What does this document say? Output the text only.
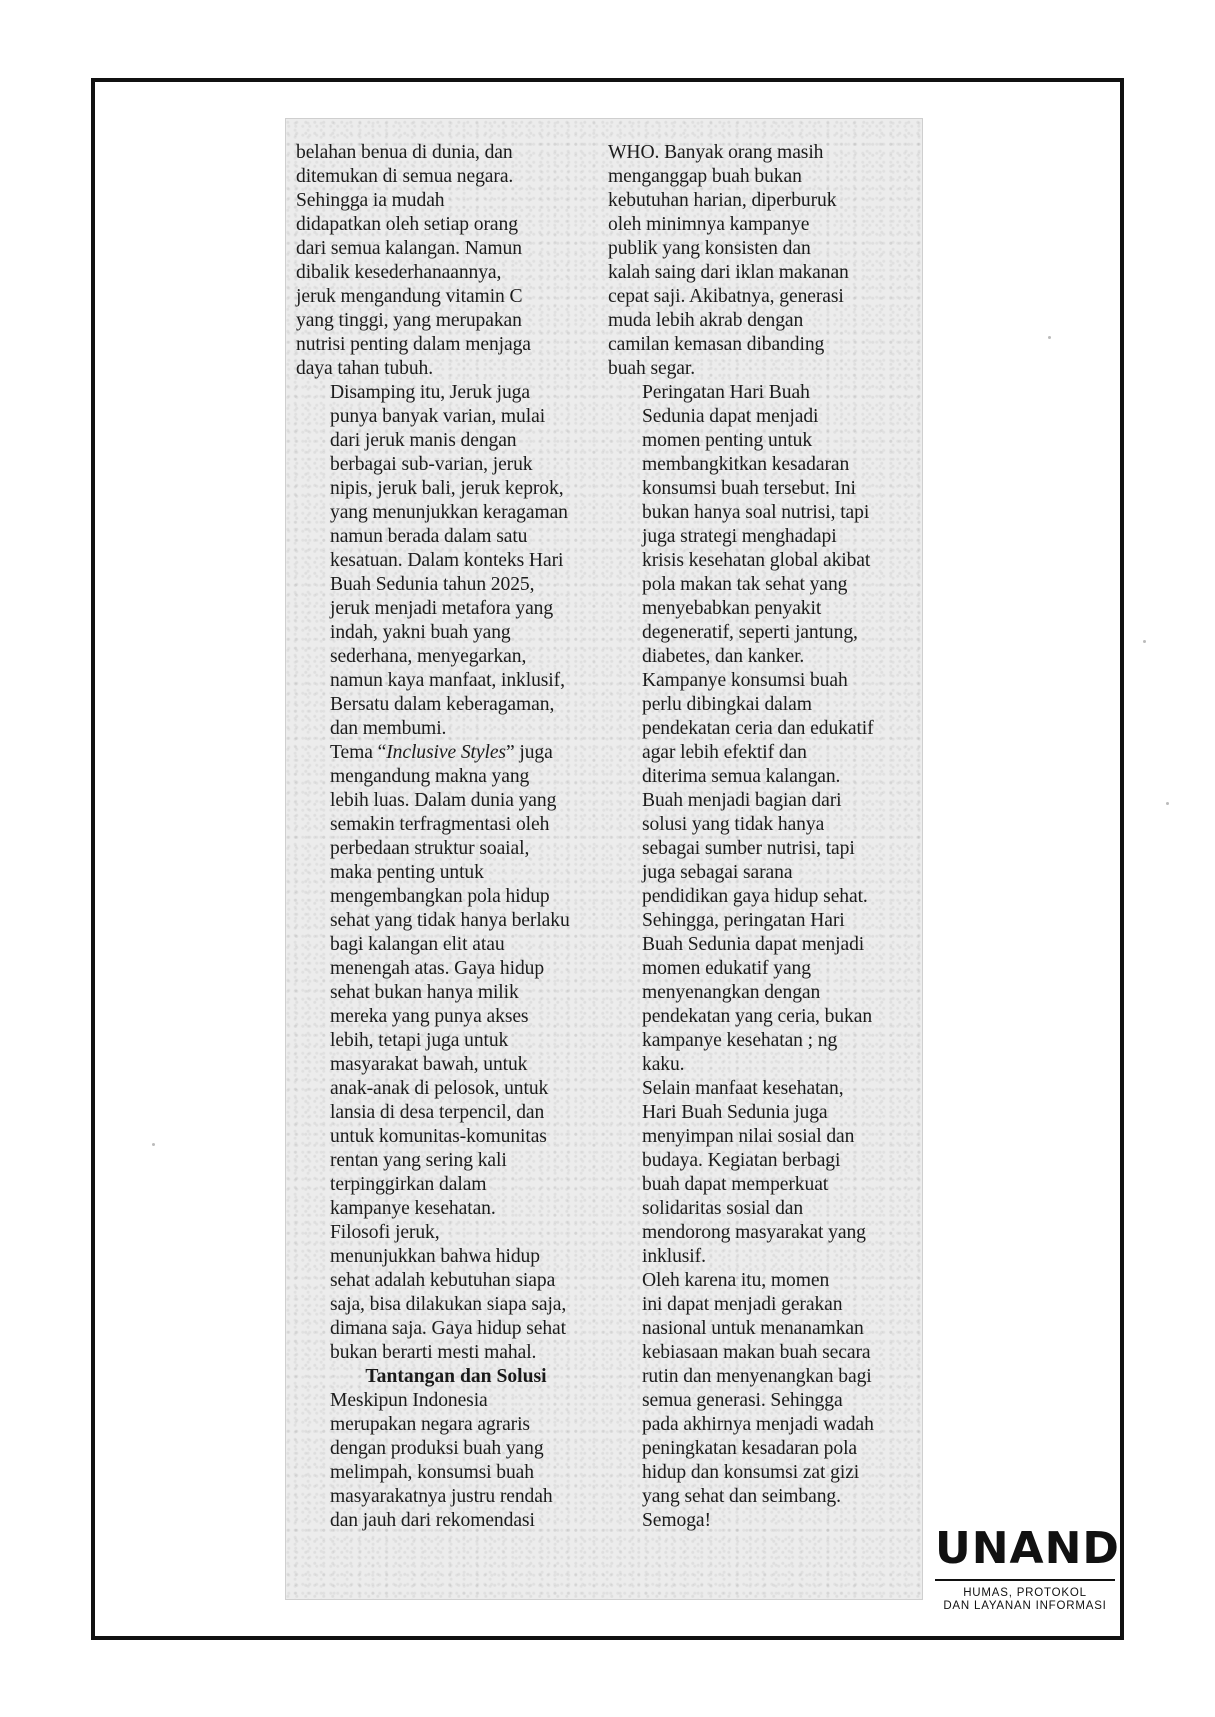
belahan benua di dunia, dan
ditemukan di semua negara.
Sehingga ia mudah
didapatkan oleh setiap orang
dari semua kalangan. Namun
dibalik kesederhanaannya,
jeruk mengandung vitamin C
yang tinggi, yang merupakan
nutrisi penting dalam menjaga
daya tahan tubuh.

Disamping itu, Jeruk juga
punya banyak varian, mulai
dari jeruk manis dengan
berbagai sub-varian, jeruk
nipis, jeruk bali, jeruk keprok,
yang menunjukkan keragaman
namun berada dalam satu
kesatuan. Dalam konteks Hari
Buah Sedunia tahun 2025,
jeruk menjadi metafora yang
indah, yakni buah yang
sederhana, menyegarkan,
namun kaya manfaat, inklusif,
Bersatu dalam keberagaman,
dan membumi.

Tema “Inclusive Styles” juga
mengandung makna yang
lebih luas. Dalam dunia yang
semakin terfragmentasi oleh
perbedaan struktur soaial,
maka penting untuk
mengembangkan pola hidup
sehat yang tidak hanya berlaku
bagi kalangan elit atau
menengah atas. Gaya hidup
sehat bukan hanya milik
mereka yang punya akses
lebih, tetapi juga untuk
masyarakat bawah, untuk
anak-anak di pelosok, untuk
lansia di desa terpencil, dan
untuk komunitas-komunitas
rentan yang sering kali
terpinggirkan dalam
kampanye kesehatan.

Filosofi jeruk,
menunjukkan bahwa hidup
sehat adalah kebutuhan siapa
saja, bisa dilakukan siapa saja,
dimana saja. Gaya hidup sehat
bukan berarti mesti mahal.

Tantangan dan Solusi

Meskipun Indonesia
merupakan negara agraris
dengan produksi buah yang
melimpah, konsumsi buah
masyarakatnya justru rendah
dan jauh dari rekomendasi

WHO. Banyak orang masih
menganggap buah bukan
kebutuhan harian, diperburuk
oleh minimnya kampanye
publik yang konsisten dan
kalah saing dari iklan makanan
cepat saji. Akibatnya, generasi
muda lebih akrab dengan
camilan kemasan dibanding
buah segar.

Peringatan Hari Buah
Sedunia dapat menjadi
momen penting untuk
membangkitkan kesadaran
konsumsi buah tersebut. Ini
bukan hanya soal nutrisi, tapi
juga strategi menghadapi
krisis kesehatan global akibat
pola makan tak sehat yang
menyebabkan penyakit
degeneratif, seperti jantung,
diabetes, dan kanker.

Kampanye konsumsi buah
perlu dibingkai dalam
pendekatan ceria dan edukatif
agar lebih efektif dan
diterima semua kalangan.
Buah menjadi bagian dari
solusi yang tidak hanya
sebagai sumber nutrisi, tapi
juga sebagai sarana
pendidikan gaya hidup sehat.
Sehingga, peringatan Hari
Buah Sedunia dapat menjadi
momen edukatif yang
menyenangkan dengan
pendekatan yang ceria, bukan
kampanye kesehatan ; ng
kaku.

Selain manfaat kesehatan,
Hari Buah Sedunia juga
menyimpan nilai sosial dan
budaya. Kegiatan berbagi
buah dapat memperkuat
solidaritas sosial dan
mendorong masyarakat yang
inklusif.

Oleh karena itu, momen
ini dapat menjadi gerakan
nasional untuk menanamkan
kebiasaan makan buah secara
rutin dan menyenangkan bagi
semua generasi. Sehingga
pada akhirnya menjadi wadah
peningkatan kesadaran pola
hidup dan konsumsi zat gizi
yang sehat dan seimbang.
Semoga!

UNAND
HUMAS, PROTOKOL
DAN LAYANAN INFORMASI
